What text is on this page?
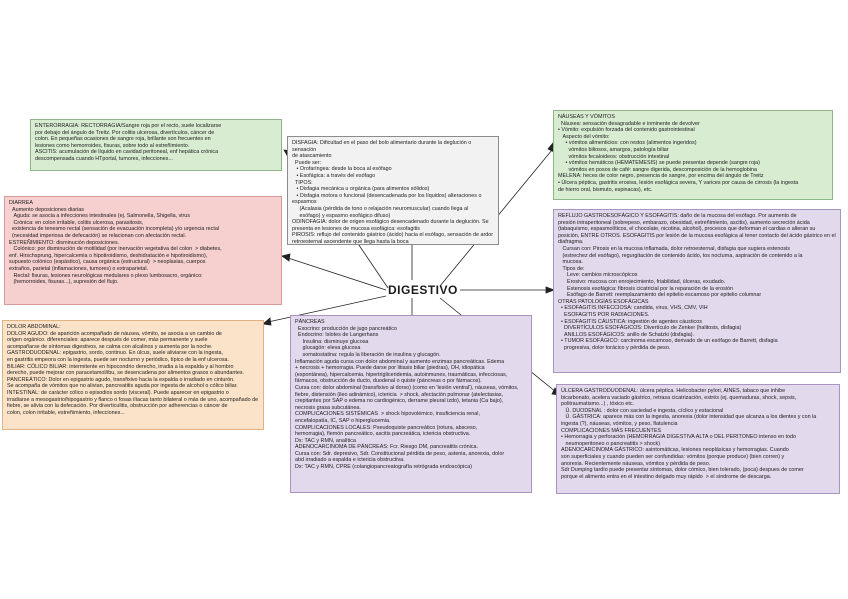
DIGESTIVO
ENTERORRAGIA: RECTORRAGIA/Sangre roja por el recto, suele localizarse
por debajo del ángulo de Treitz. Por colitis ulcerosa, divertículos, cáncer de
colon. En pequeñas ocasiones de sangre roja, brillante son frecuentes en
lesiones como hemorroides, fisuras, sobre todo al estreñimiento.
ASCITIS: acumulación de líquido en cavidad peritoneal, enf hepática crónica
descompensada cuando HTportal, tumores, infecciones...
DISFAGIA: Dificultad en el paso del bolo alimentario durante la deglución o sensación
de atascamiento
Puede ser:
• Orofaríngea: desde la boca al esófago
• Esofágica: a través del esófago
TIPOS:
• Disfagia mecánica u orgánica (para alimentos sólidos)
• Disfagia motora o funcional (desencadenada por los líquidos) alteraciones o espasmos
(Acalasia (pérdida de tono o relajación neuromuscular) cuando llega al
esófago) y espasmo esofágico difuso)
ODINOFAGIA: dolor de origen esofágico desencadenado durante la deglución. Se
presenta en lesiones de mucosa esofágica: esofagitis
PIROSIS: reflujo del contenido gástrico (ácido) hacia el esófago, sensación de ardor
retroesternal ascendente que llega hasta la boca
NÁUSEAS Y VÓMITOS
Náusea: sensación desagradable e inminente de devolver
• Vómito: expulsión forzada del contenido gastrointestinal
Aspecto del vómito:
• vómitos alimenticios: con restos (alimentos ingeridos)
vómitos biliosos, amargos, patología biliar
vómitos fecaloideos: obstrucción intestinal
• vómitos hemáticos (HEMATEMESIS) se puede presentar depende (sangre roja)
vómitos en posos de café: sangre digerida, descomposición de la hemoglobina
MELENA: heces de color negro, presencia de sangre, por encima del ángulo de Treitz
• Úlcera péptica, gastritis erosiva, lesión esofágica severa, Y varices por causa de cirrosis (la ingesta
de hierro oral, bismuto, espinacas), etc.
DIARREA
Aumento deposiciones diarias
Aguda: se asocia a infecciones intestinales (ej. Salmonella, Shigella, virus
Crónica: en colon irritable, colitis ulcerosa, parasitosis,
existencia de tenesmo rectal (sensación de evacuación incompleta) y/o urgencia rectal
(necesidad imperiosa de defecación) se relacionan con afectación rectal.
ESTREÑIMIENTO: disminución deposiciones.
Colónico: por disminución de motilidad (por inervación vegetativa del colon  > diabetes,
enf. Hirschsprung, hipercalcemia o hipotiroidismo, deshidratación e hipotiroidismo),
supuesto colónico (espástico), causa orgánica (estructural)  > neoplasias, cuerpos
extraños, parietal (inflamaciones, tumores) o extraparietal.
Rectal: fisuras, lesiones neurológicas medulares o plexo lumbosacro, orgánico:
(hemorroides, fisuras...), supresión del flujo.
REFLUJO GASTROESOFÁGICO Y ESOFAGITIS: daño de la mucosa del esófago. Por aumento de
presión intraperitoneal (sobrepeso, embarazo, obesidad, estreñimiento, ascitis), aumento secreción ácida
(tabaquismo, espasmolíticos, el chocolate, nicotina, alcohol), procesos que deforman el cardias o alteran su
posición, ENTRE OTROS. ESOFAGITIS por lesión de la mucosa esofágica al tener contacto del ácido gástrico en el
diafragma.
Cursan con: Pirosis en la mucosa inflamada, dolor retroesternal, disfagia que sugiera estenosis
(estrechez del esófago), regurgitación de contenido ácido, tos nocturna, aspiración de contenido a la
mucosa.
Tipos de:
Leve: cambios microscópicos
Erosivo: mucosa con enrojecimiento, friabilidad, úlceras, exudado.
Estenosis esofágica: fibrosis cicatricial por la reparación de la erosión
Esófago de Barrett: reemplazamiento del epitelio escamoso por epitelio columnar
OTRAS PATOLOGÍAS ESOFÁGICAS
• ESOFAGITIS INFECCIOSA: candida, virus, VHS, CMV, VIH
ESOFAGITIS POR RADIACIONES.
• ESOFAGITIS CÁUSTICA: ingestión de agentes cáusticos
DIVERTÍCULOS ESOFÁGICOS: Divertículo de Zenker (halitosis, disfagia)
ANILLOS ESOFÁGICOS: anillo de Schatzki (disfagia).
• TUMOR ESOFÁGICO: carcinoma escamoso, derivado de un esófago de Barrett, disfagia
progresiva, dolor torácico y pérdida de peso.
DOLOR ABDOMINAL:
DOLOR AGUDO: de aparición acompañado de náusea, vómito, se asocia a un cambio de
origen orgánico. diferenciales: aparece después de comer, más permanente y suele
acompañarse de síntomas digestivos, se calma con alcalinos y aumenta por la noche.
GASTRODUODENAL: epigastrio, sordo, continuo. En úlcus, suele aliviarse con la ingesta,
en gastritis empeora con la ingesta, puede ser nocturno y periódico, típico de la enf ulcerosa.
BILIAR: CÓLICO BILIAR: intermitente en hipocondrio derecho, irradia a la espalda y al hombro
derecho, puede mejorar con paracetamol/ibu, se desencadena por alimentos grasos o abundantes.
PANCREÁTICO: Dolor en epigastrio agudo, transfixivo hacia la espalda o irradiado en cinturón.
Se acompaña de vómitos que no alivian, pancreatitis aguda por ingesta de alcohol o cólico biliar.
INTESTINAL: de carácter cólico o episodios sordo (visceral). Puede aparecer en epigastrio o
irradiarse a mesogastrio/hipogastrio y flanco o fosas ilíacas tanto bilateral o más de uno, acompañado de
fiebre, se alivia con la defecación. Por diverticulitis, obstrucción por adherencias o cáncer de
colon, colon irritable, estreñimiento, infecciones...
PÁNCREAS
Exocrino: producción de jugo pancreático
Endocrino: Islotes de Langerhans
Insulina: disminuye glucosa
glucagón: eleva glucosa
somatostatina: regula la liberación de insulina y glucagón.
Inflamación aguda cursa con dolor abdominal y aumento enzimas pancreáticas. Edema
+ necrosis + hemorragia. Puede darse por litiasis biliar (piedras), OH, idiopática
(espontánea), hipercalcemia, hipertrigliceridemia, autoinmunes, traumáticas, infecciosas,
fármacos, obstrucción de ducto, duodenal o quiste (páncreas o por fármacos).
Cursa con: dolor abdominal (transfixivo al dorso) (como en 'lesión ventral'), náuseas, vómitos,
fiebre, distensión (ileo adinámico), ictericia  > shock, afectación pulmonar (atelectasias,
crepitantes por SAP o edema no cardiogénico, derrame pleural izdo), tetania (Ca bajo),
necrosis grasa subcutánea.
COMPLICACIONES SISTÉMICAS  > shock hipovolémico, insuficiencia renal,
encefalopatía, IC, SAP o hiperglucemia.
COMPLICACIONES LOCALES: Pseudoquiste pancreático (rotura, absceso,
hemorragia), flemón pancreático, ascitis pancreática, ictericia obstructiva.
Dx: TAC y RMN, analítica
ADENOCARCINOMA DE PÁNCREAS: Fcr. Riesgo DM, pancreatitis crónica.
Cursa con: Sdr. depresivo, Sdr. Constitucional pérdida de peso, astenia, anorexia, dolor
abd irradiado a espalda e ictericia obstructiva.
Dx: TAC y RMN, CPRE (colangiopancreatografía retrógrada endoscópica)
ÚLCERA GASTRODUODENAL: úlcera péptica. Helicobacter pylori, AINES, tabaco que inhibe
bicarbonato, acelera vaciado gástrico, retrasa cicatrización, estrés (ej. quemaduras, shock, sepsis,
politraumatismo...) , tóxico etc.
Ú. DUODENAL : dolor con saciedad e ingesta, cíclico y estacional
Ú. GÁSTRICA: aparece más con la ingesta, anorexia (dolor intensidad que alcanza a los dientes y con la
ingesta (?), náuseas, vómitos, y peso, flatulencia
COMPLICACIONES MÁS FRECUENTES
• Hemorragia y perforación (HEMORRAGIA DIGESTIVA ALTA o DEL PERITONEO intenso en todo
neumoperitoneo o pancreatitis > shock)
ADENOCARCINOMA GÁSTRICO: asintomáticas, lesiones neoplásicas y hemorragias. Cuando
son superficiales y cuando pueden ser confundidas: vómitos (porque produce) (bien corren) y
anorexia. Recientemente náuseas, vómitos y pérdida de peso.
Sdr Dumping tardío puede presentar síntomas, dolor cómico, bien tolerado, (poca) despues de comer
porque el alimento entra en el intestino delgado muy rápido  > el síndrome de descarga.
